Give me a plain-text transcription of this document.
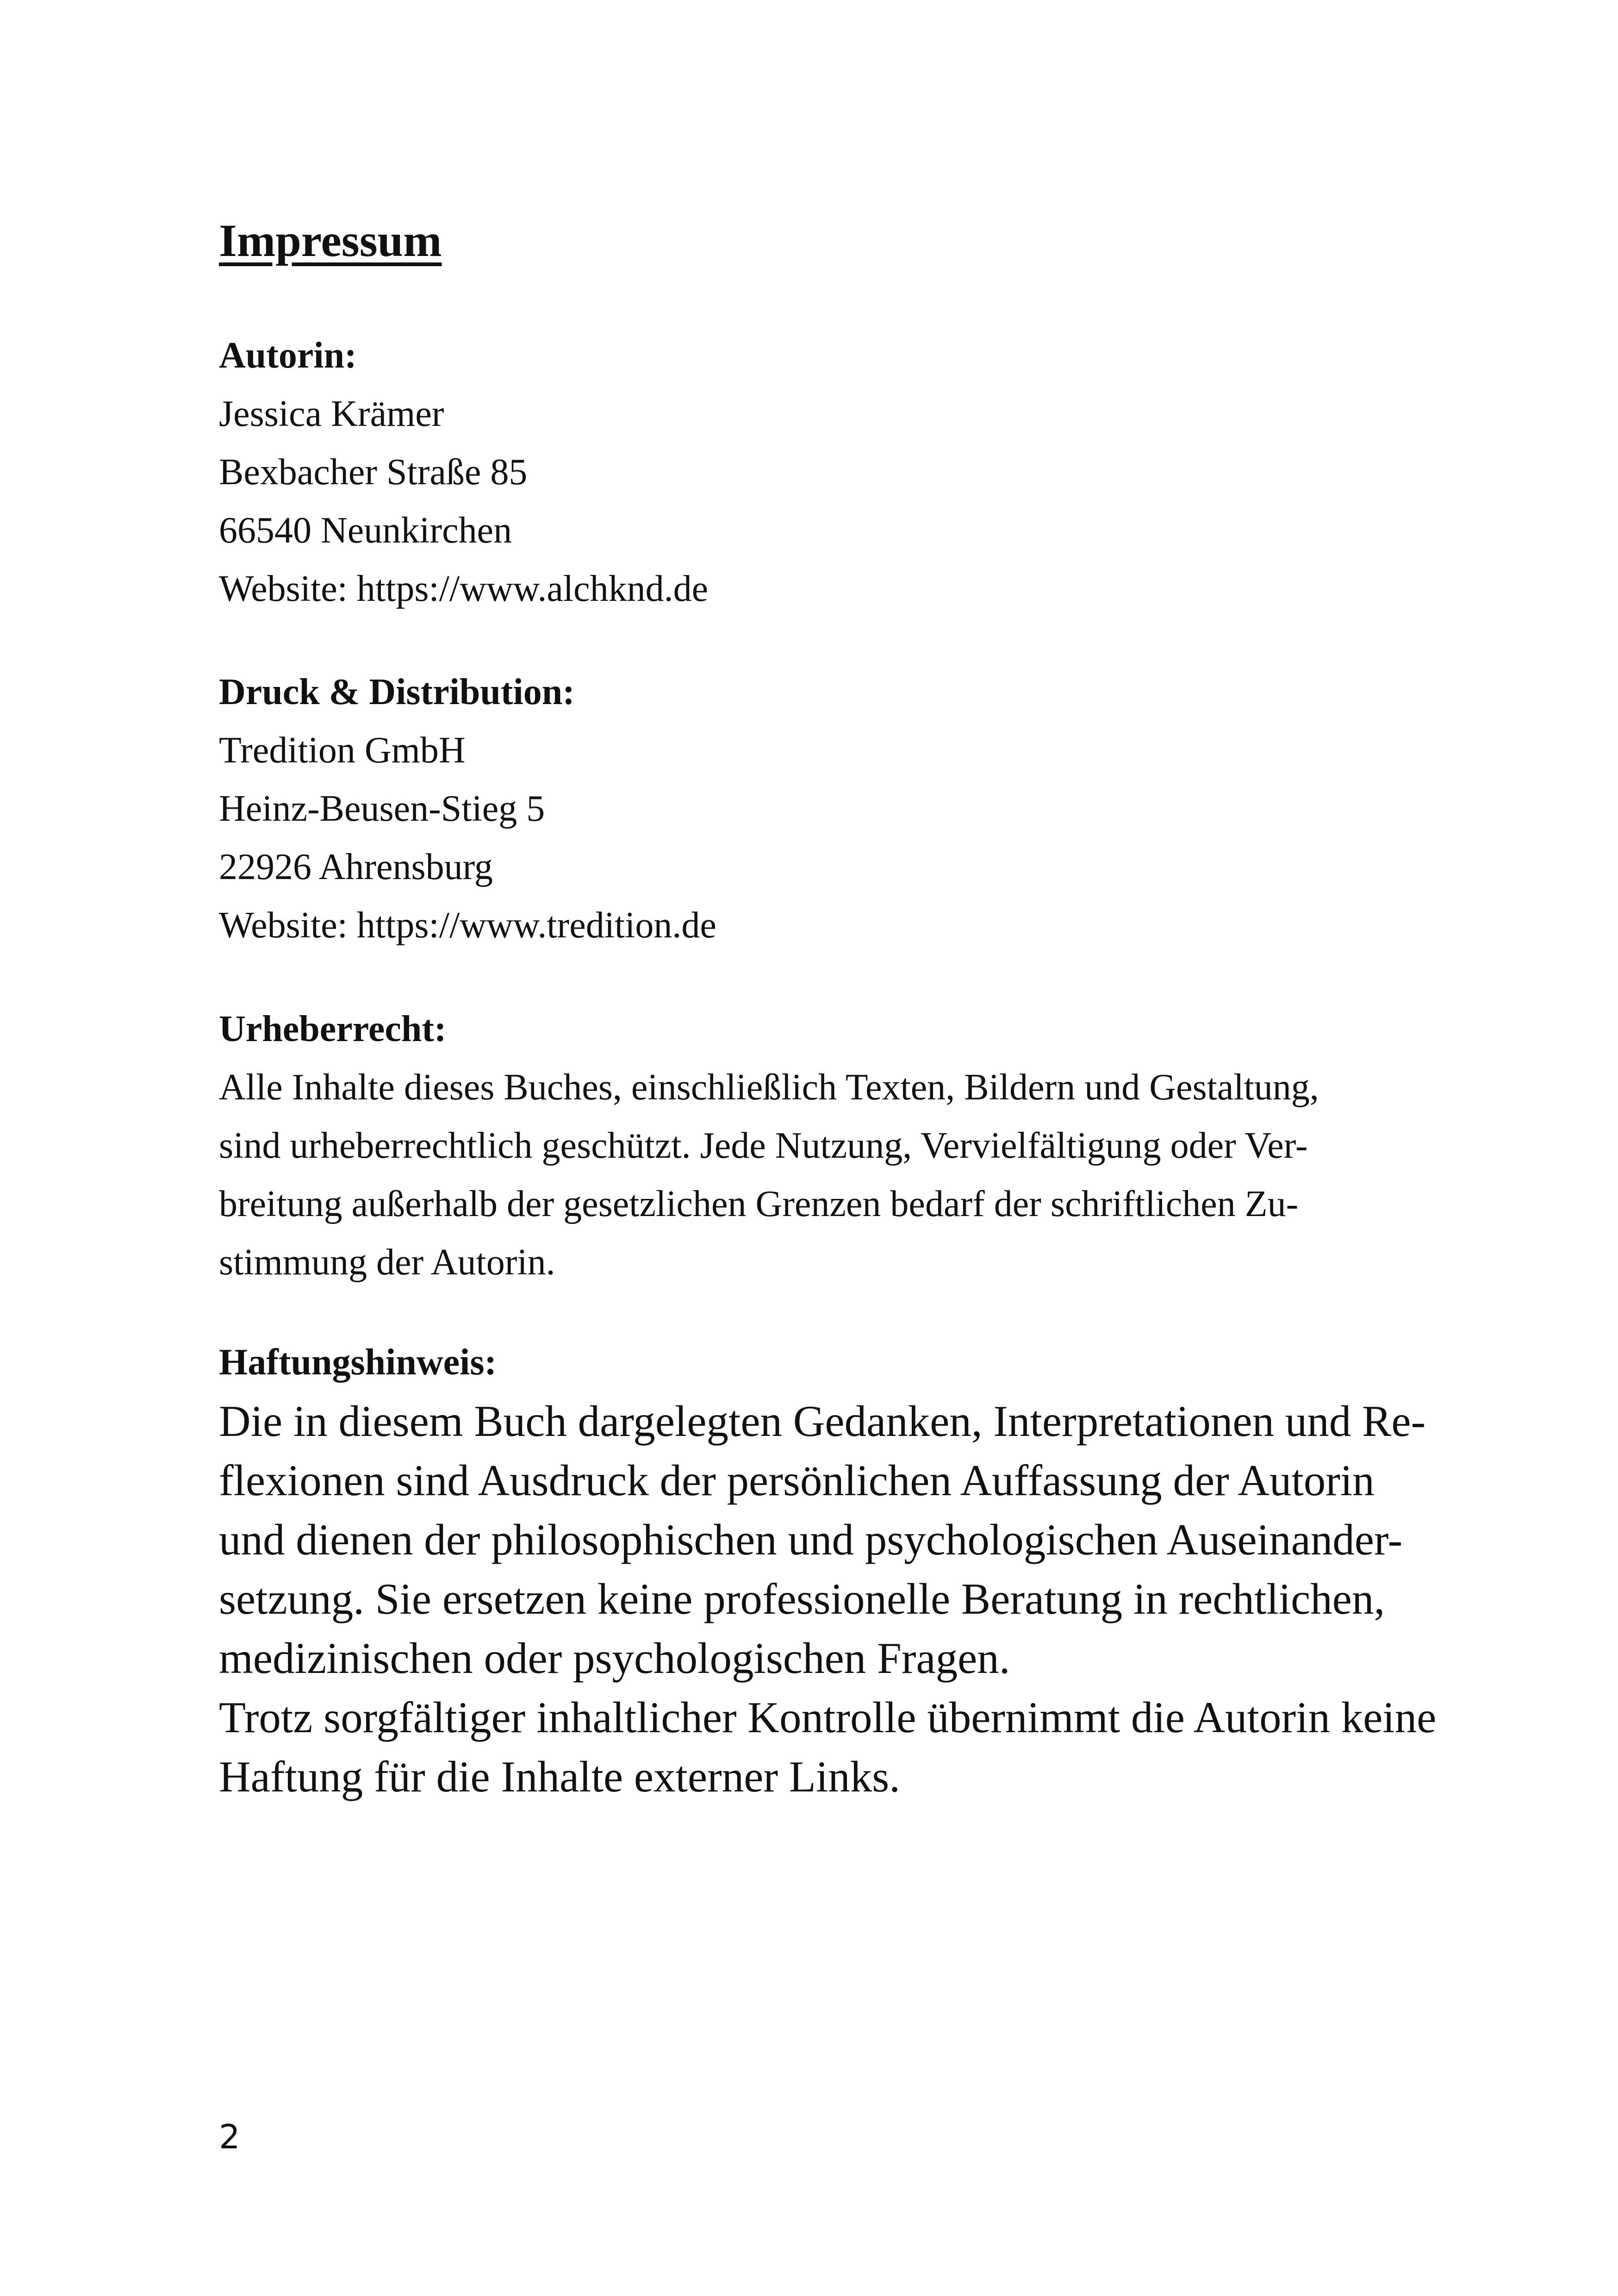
Impressum

Autorin:

Jessica Krämer

Bexbacher Straße 85

66540 Neunkirchen

Website: https://www.alchknd.de

Druck & Distribution:

Tredition GmbH

Heinz-Beusen-Stieg 5

22926 Ahrensburg

Website: https://www.tredition.de

Urheberrecht:

Alle Inhalte dieses Buches, einschließlich Texten, Bildern und Gestaltung,

sind urheberrechtlich geschützt. Jede Nutzung, Vervielfältigung oder Ver-

breitung außerhalb der gesetzlichen Grenzen bedarf der schriftlichen Zu-

stimmung der Autorin.

Haftungshinweis:

Die in diesem Buch dargelegten Gedanken, Interpretationen und Re-

flexionen sind Ausdruck der persönlichen Auffassung der Autorin

und dienen der philosophischen und psychologischen Auseinander-

setzung. Sie ersetzen keine professionelle Beratung in rechtlichen,

medizinischen oder psychologischen Fragen.

Trotz sorgfältiger inhaltlicher Kontrolle übernimmt die Autorin keine

Haftung für die Inhalte externer Links.

2
